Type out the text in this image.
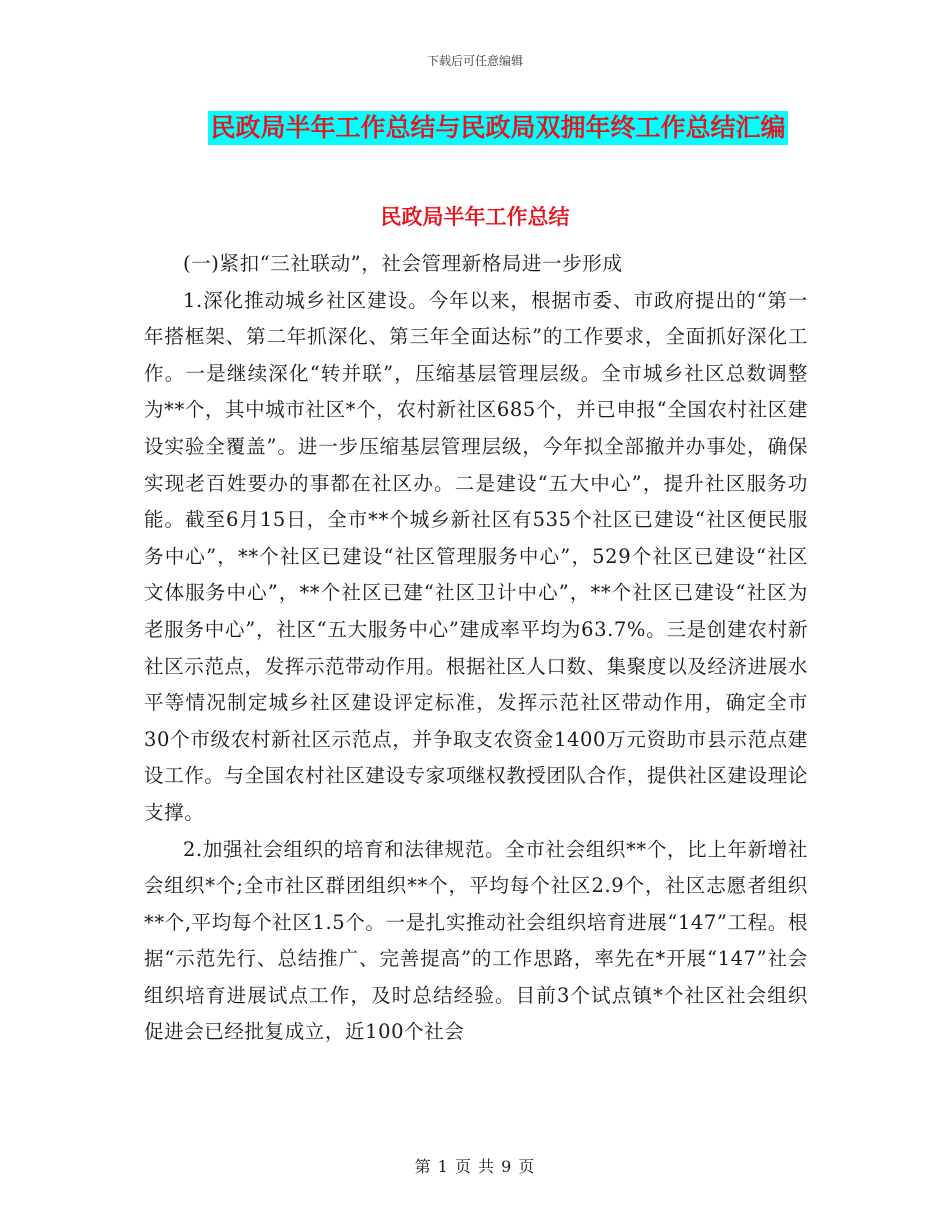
下载后可任意编辑
民政局半年工作总结与民政局双拥年终工作总结汇编
民政局半年工作总结

(一)紧扣“三社联动”，社会管理新格局进一步形成

1.深化推动城乡社区建设。今年以来，根据市委、市政府提出的“第一年搭框架、第二年抓深化、第三年全面达标”的工作要求，全面抓好深化工作。一是继续深化“转并联”，压缩基层管理层级。全市城乡社区总数调整为**个，其中城市社区*个，农村新社区685个，并已申报“全国农村社区建设实验全覆盖”。进一步压缩基层管理层级，今年拟全部撤并办事处，确保实现老百姓要办的事都在社区办。二是建设“五大中心”，提升社区服务功能。截至6月15日，全市**个城乡新社区有535个社区已建设“社区便民服务中心”，**个社区已建设“社区管理服务中心”，529个社区已建设“社区文体服务中心”，**个社区已建“社区卫计中心”，**个社区已建设“社区为老服务中心”，社区“五大服务中心”建成率平均为63.7%。三是创建农村新社区示范点，发挥示范带动作用。根据社区人口数、集聚度以及经济进展水平等情况制定城乡社区建设评定标准，发挥示范社区带动作用，确定全市30个市级农村新社区示范点，并争取支农资金1400万元资助市县示范点建设工作。与全国农村社区建设专家项继权教授团队合作，提供社区建设理论支撑。

2.加强社会组织的培育和法律规范。全市社会组织**个，比上年新增社会组织*个;全市社区群团组织**个，平均每个社区2.9个，社区志愿者组织**个,平均每个社区1.5个。一是扎实推动社会组织培育进展“147”工程。根据“示范先行、总结推广、完善提高”的工作思路，率先在*开展“147”社会组织培育进展试点工作，及时总结经验。目前3个试点镇*个社区社会组织促进会已经批复成立，近100个社会

第 1 页 共 9 页
